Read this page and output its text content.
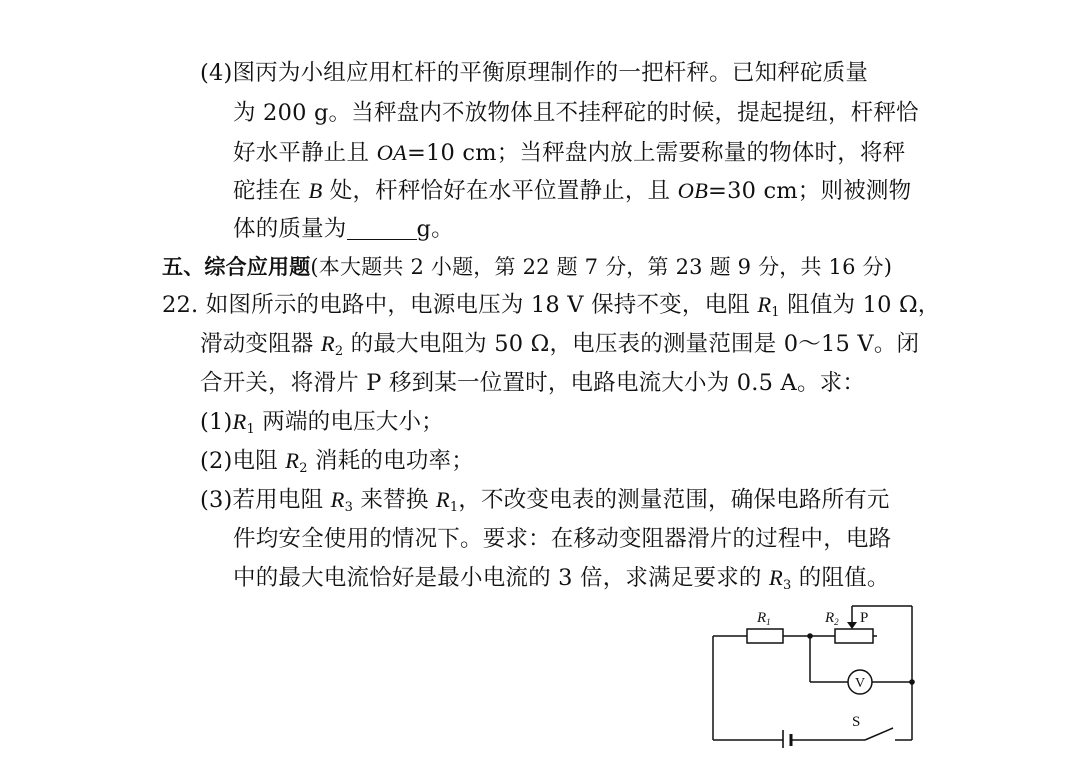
(4)图丙为小组应用杠杆的平衡原理制作的一把杆秤。已知秤砣质量
为 200 g。当秤盘内不放物体且不挂秤砣的时候，提起提纽，杆秤恰
好水平静止且 OA=10 cm；当秤盘内放上需要称量的物体时，将秤
砣挂在 B 处，杆秤恰好在水平位置静止，且 OB=30 cm；则被测物
体的质量为	g。
五、综合应用题(本大题共 2 小题，第 22 题 7 分，第 23 题 9 分，共 16 分)
22. 如图所示的电路中，电源电压为 18 V 保持不变，电阻 $R_1$ 阻值为 10 Ω，
滑动变阻器 $R_2$ 的最大电阻为 50 Ω，电压表的测量范围是 0～15 V。闭
合开关，将滑片 P 移到某一位置时，电路电流大小为 0.5 A。求：
$(1)R_1$ 两端的电压大小；
(2)电阻 $R_2$ 消耗的电功率；
(3)若用电阻 $R_3$ 来替换 $R_1$，不改变电表的测量范围，确保电路所有元
件均安全使用的情况下。要求：在移动变阻器滑片的过程中，电路
中的最大电流恰好是最小电流的 3 倍，求满足要求的 $R_3$ 的阻值。
$R_1$	$R_2$ P
V
S
